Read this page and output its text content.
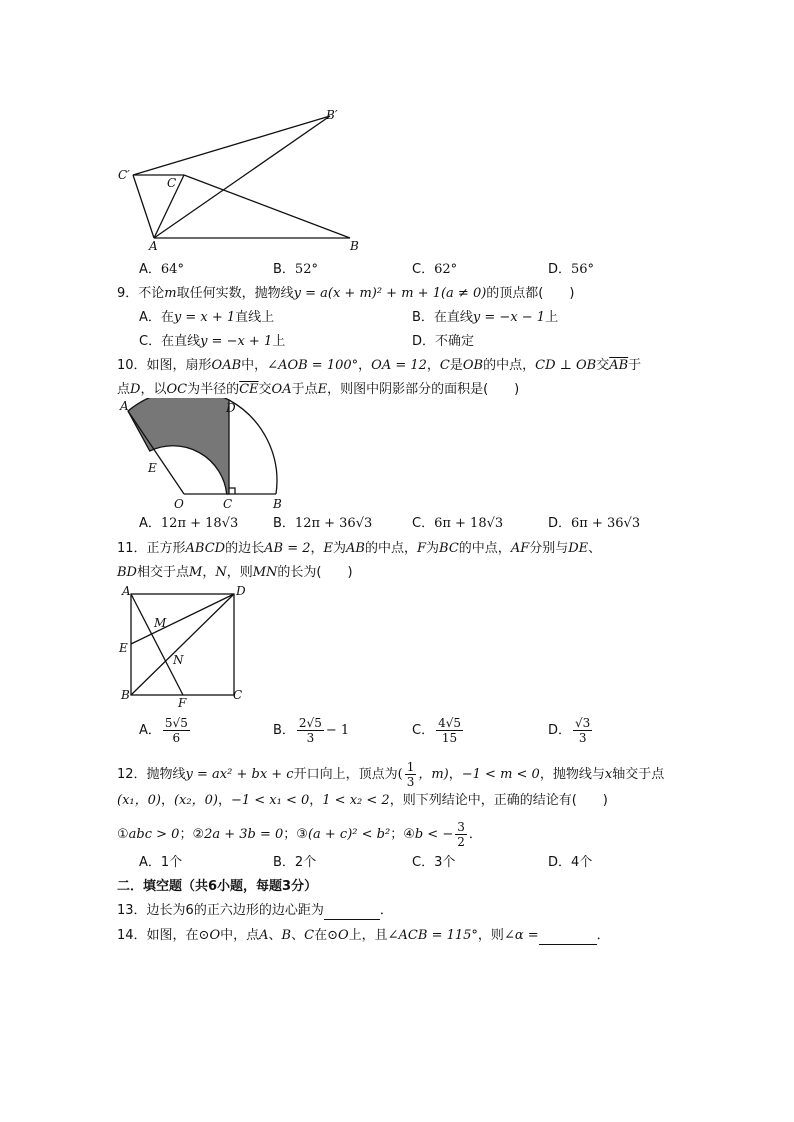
B′
C′
C
A	B
A．64°	B．52°	C．62°	D．56°
9．不论m取任何实数，抛物线y = a(x + m)² + m + 1(a ≠ 0)的顶点都(　　)
A．在y = x + 1直线上	B．在直线y = −x − 1上
C．在直线y = −x + 1上	D．不确定
10．如图，扇形OAB中，∠AOB = 100°，OA = 12，C是OB的中点，CD ⊥ OB交$\overline{AB}$于
点D，以OC为半径的$\overline{CE}$交OA于点E，则图中阴影部分的面积是(　　)
A	D
E
O	C	B
A．12π + 18√3	B．12π + 36√3	C．6π + 18√3	D．6π + 36√3
11．正方形ABCD的边长AB = 2，E为AB的中点，F为BC的中点，AF分别与DE、
BD相交于点M，N，则MN的长为(　　)
A	D
M
E
N
B
F
C
A． $\frac{5√5}{6}$	B． $\frac{2√5}{3} - 1$	C． $\frac{4√5}{15}$	D． $\frac{√3}{3}$
12．抛物线y = ax² + bx + c开口向上，顶点为( $\frac{1}{3}$ ，m)，−1 < m < 0，抛物线与x轴交于点
(x₁，0)，(x₂，0)，−1 < x₁ < 0，1 < x₂ < 2，则下列结论中，正确的结论有(　　)
①abc > 0；②2a + 3b = 0；③(a + c)² < b²；④b < − $\frac{3}{2}$ ．
A．1个	B．2个	C．3个	D．4个
二．填空题（共6小题，每题3分）
13．边长为6的正六边形的边心距为	．
14．如图，在⊙O中，点A、B、C在⊙O上，且∠ACB = 115°，则∠α =	．
